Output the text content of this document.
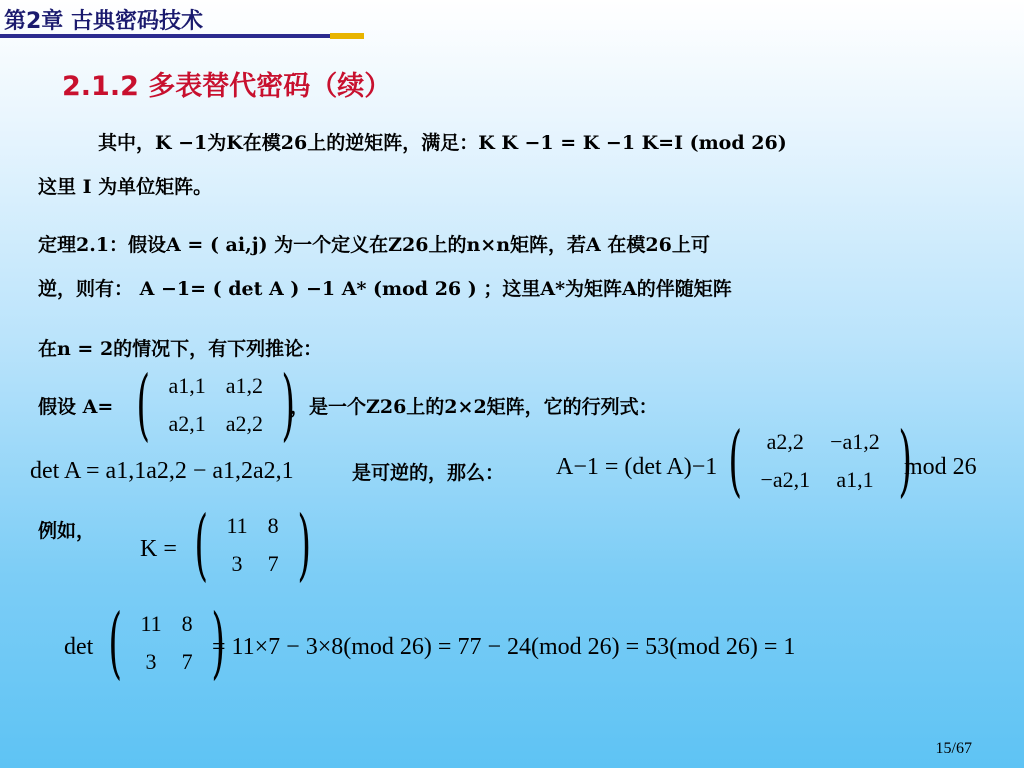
第2章 古典密码技术
2.1.2 多表替代密码（续）
其中，K −1为K在模26上的逆矩阵，满足：K K −1 = K −1 K=I (mod 26)
这里 I 为单位矩阵。
定理2.1：假设A = ( ai,j) 为一个定义在Z26上的n×n矩阵，若A 在模26上可
逆，则有： A −1= ( det A ) −1 A* (mod 26 ) ；这里A*为矩阵A的伴随矩阵
在n = 2的情况下，有下列推论：
假设 A= ( a1,1	a1,2
a2,1	a2,2 )
，是一个Z26上的2×2矩阵，它的行列式：
det A = a1,1a2,2 − a1,2a2,1	是可逆的，那么： A−1 = (det A)−1 ( a2,2	−a1,2
−a2,1	a1,1 )
mod 26
例如，
K = ( 11	8
3	7 )
det ( 11	8
3	7 )
= 11×7 − 3×8(mod 26) = 77 − 24(mod 26) = 53(mod 26) = 1
15/67
